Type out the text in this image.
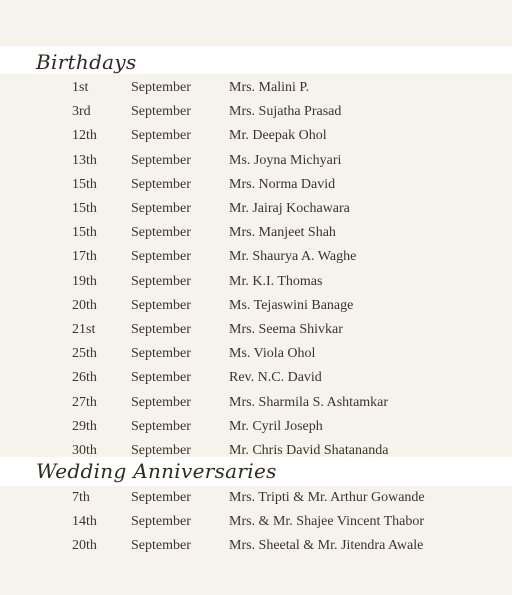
Birthdays
Wedding Anniversaries
1st	September	Mrs. Malini P.
3rd	September	Mrs. Sujatha Prasad
12th September	Mr. Deepak Ohol
13th September	Ms. Joyna Michyari
15th September	Mrs. Norma David
15th September	Mr. Jairaj Kochawara
15th September	Mrs. Manjeet Shah
17th September	Mr. Shaurya A. Waghe
19th September	Mr. K.I. Thomas
20th September	Ms. Tejaswini Banage
21st	September	Mrs. Seema Shivkar
25th September	Ms. Viola Ohol
26th September	Rev. N.C. David
27th September	Mrs. Sharmila S. Ashtamkar
29th September	Mr. Cyril Joseph
30th September	Mr. Chris David Shatananda
7th	September	Mrs. Tripti & Mr. Arthur Gowande
14th September	Mrs. & Mr. Shajee Vincent Thabor
20th September	Mrs. Sheetal & Mr. Jitendra Awale
